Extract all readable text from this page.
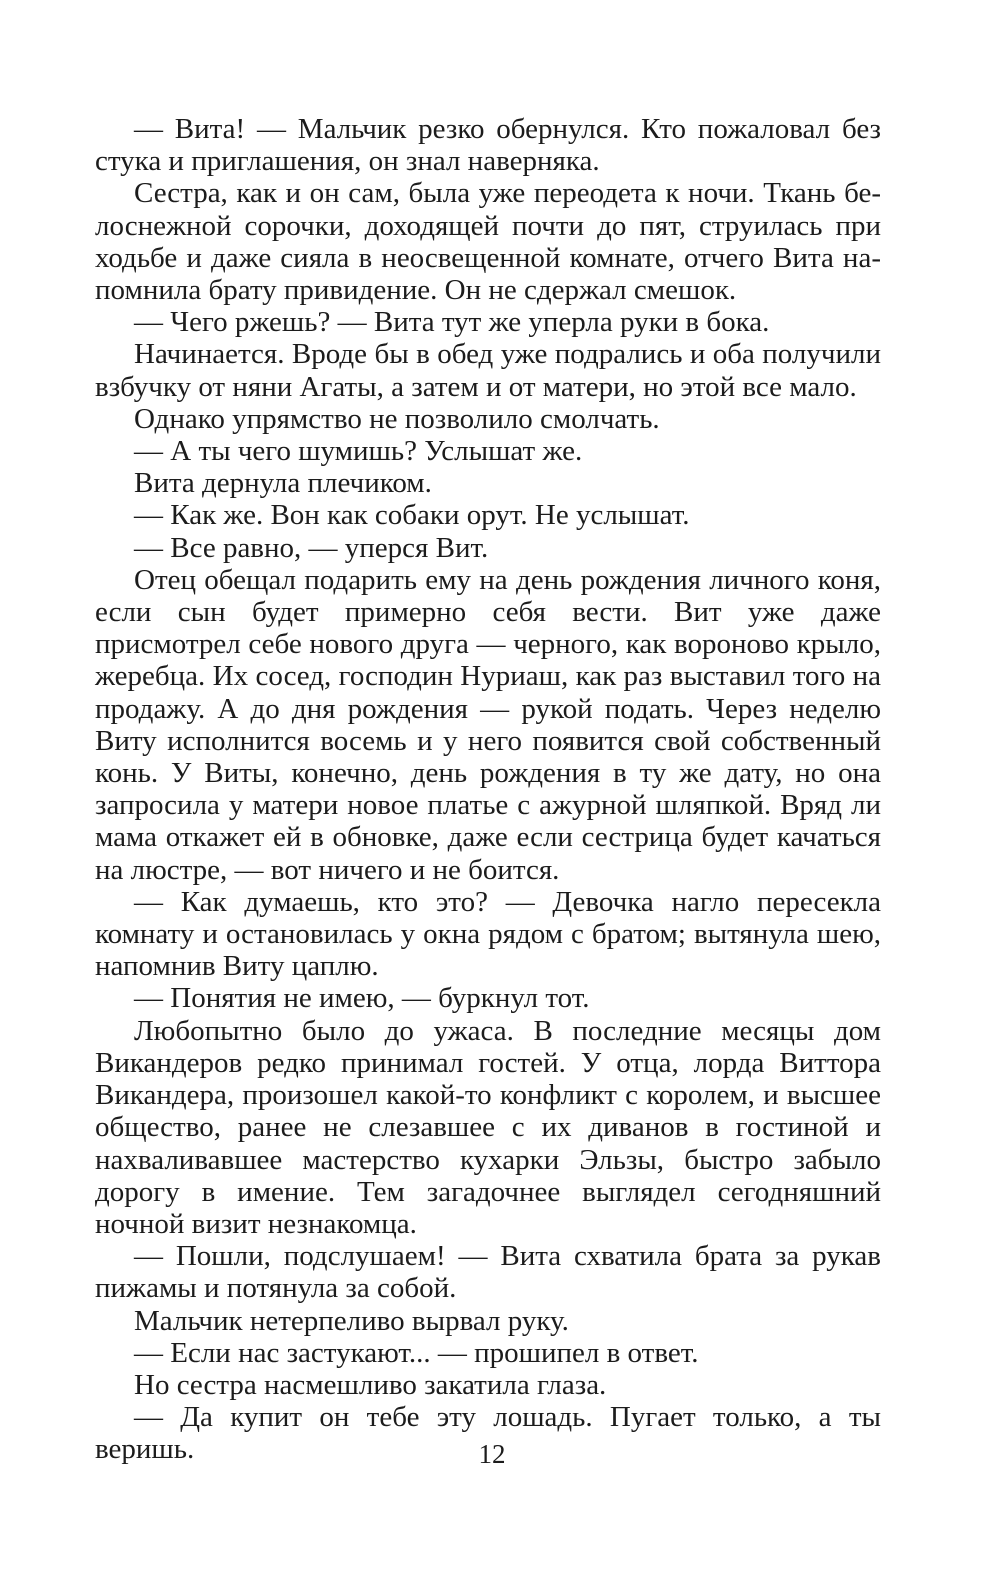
— Вита! — Мальчик резко обернулся. Кто пожаловал без стука и приглашения, он знал наверняка.

Сестра, как и он сам, была уже переодета к ночи. Ткань белоснежной сорочки, доходящей почти до пят, струилась при ходьбе и даже сияла в неосвещенной комнате, отчего Вита напомнила брату привидение. Он не сдержал смешок.

— Чего ржешь? — Вита тут же уперла руки в бока.

Начинается. Вроде бы в обед уже подрались и оба получили взбучку от няни Агаты, а затем и от матери, но этой все мало.

Однако упрямство не позволило смолчать.

— А ты чего шумишь? Услышат же.

Вита дернула плечиком.

— Как же. Вон как собаки орут. Не услышат.

— Все равно, — уперся Вит.

Отец обещал подарить ему на день рождения личного коня, если сын будет примерно себя вести. Вит уже даже присмотрел себе нового друга — черного, как вороново крыло, жеребца. Их сосед, господин Нуриаш, как раз выставил того на продажу. А до дня рождения — рукой подать. Через неделю Виту исполнится восемь и у него появится свой собственный конь. У Виты, конечно, день рождения в ту же дату, но она запросила у матери новое платье с ажурной шляпкой. Вряд ли мама откажет ей в обновке, даже если сестрица будет качаться на люстре, — вот ничего и не боится.

— Как думаешь, кто это? — Девочка нагло пересекла комнату и остановилась у окна рядом с братом; вытянула шею, напомнив Виту цаплю.

— Понятия не имею, — буркнул тот.

Любопытно было до ужаса. В последние месяцы дом Викандеров редко принимал гостей. У отца, лорда Виттора Викандера, произошел какой-то конфликт с королем, и высшее общество, ранее не слезавшее с их диванов в гостиной и нахваливавшее мастерство кухарки Эльзы, быстро забыло дорогу в имение. Тем загадочнее выглядел сегодняшний ночной визит незнакомца.

— Пошли, подслушаем! — Вита схватила брата за рукав пижамы и потянула за собой.

Мальчик нетерпеливо вырвал руку.

— Если нас застукают... — прошипел в ответ.

Но сестра насмешливо закатила глаза.

— Да купит он тебе эту лошадь. Пугает только, а ты веришь.	12
